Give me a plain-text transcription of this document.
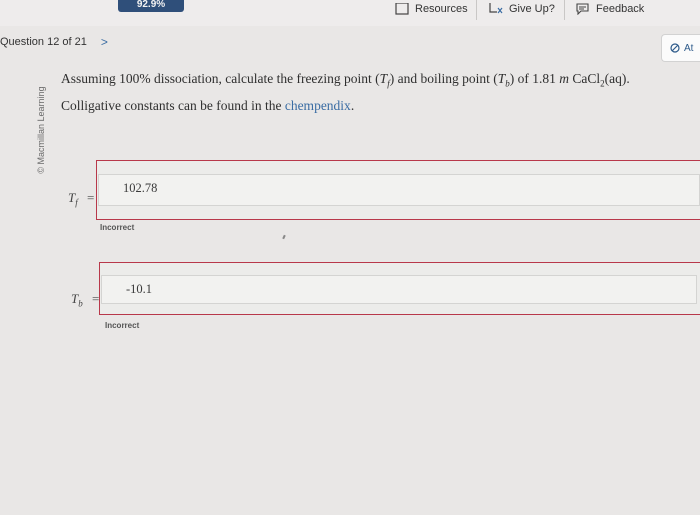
92.9%	Resources	Give Up?	Feedback
At
Question 12 of 21 >
© Macmillan Learning
Assuming 100% dissociation, calculate the freezing point $(T_f)$ and boiling point $(T_b)$ of 1.81 m CaCl$_2$(aq).
Colligative constants can be found in the chempendix.
$T_f$ =
102.78
Incorrect
$T_b$ =
-10.1
Incorrect
